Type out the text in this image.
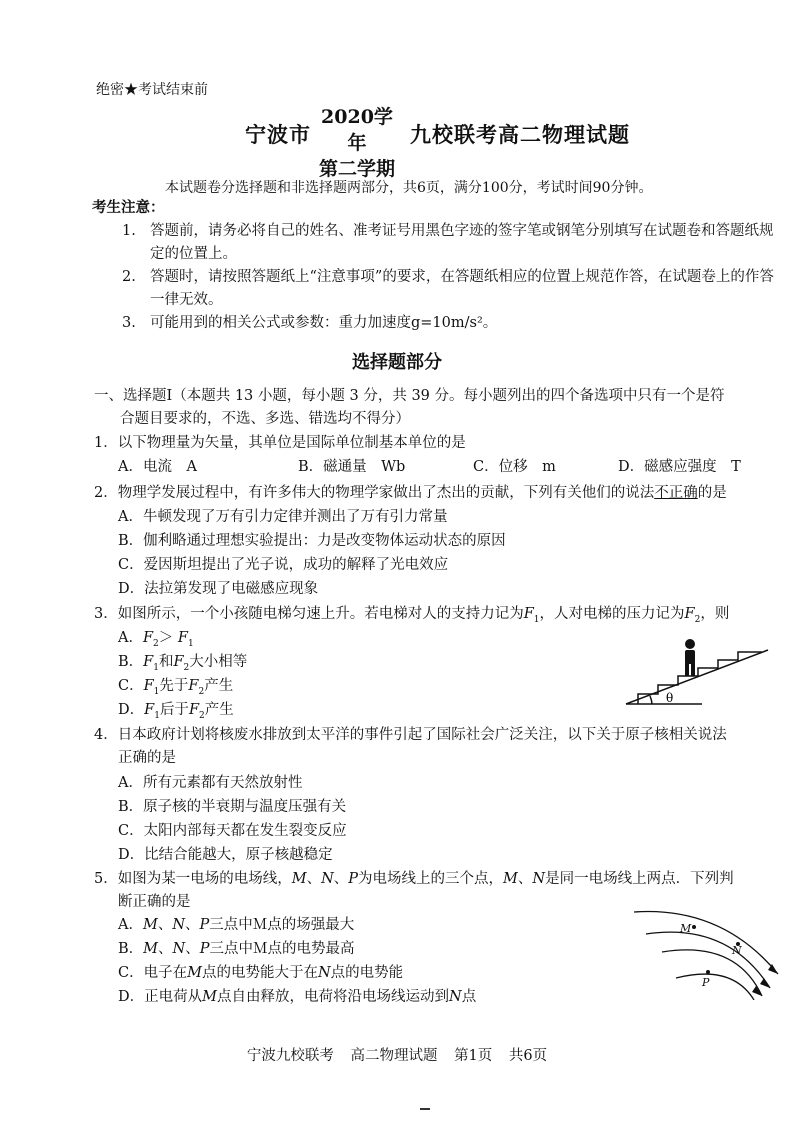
绝密★考试结束前
宁波市
2020学年
第二学期
九校联考高二物理试题
本试题卷分选择题和非选择题两部分，共6页，满分100分，考试时间90分钟。
考生注意：
1. 答题前，请务必将自己的姓名、准考证号用黑色字迹的签字笔或钢笔分别填写在试题卷和答题纸规定的位置上。
2. 答题时，请按照答题纸上“注意事项”的要求，在答题纸相应的位置上规范作答，在试题卷上的作答一律无效。
3. 可能用到的相关公式或参数：重力加速度g=10m/s²。
选择题部分
一、选择题Ⅰ（本题共 13 小题，每小题 3 分，共 39 分。每小题列出的四个备选项中只有一个是符
合题目要求的，不选、多选、错选均不得分）
1．以下物理量为矢量，其单位是国际单位制基本单位的是
A．电流　A	B．磁通量　Wb	C．位移　m	D．磁感应强度　T
2．物理学发展过程中，有许多伟大的物理学家做出了杰出的贡献，下列有关他们的说法不正确的是
A．牛顿发现了万有引力定律并测出了万有引力常量
B．伽利略通过理想实验提出：力是改变物体运动状态的原因
C．爱因斯坦提出了光子说，成功的解释了光电效应
D．法拉第发现了电磁感应现象
3．如图所示，一个小孩随电梯匀速上升。若电梯对人的支持力记为$F_1$，人对电梯的压力记为$F_2$，则
A．$F_2> F_1$
B．$F_1$和$F_2$大小相等
C．$F_1$先于$F_2$产生
D．$F_1$后于$F_2$产生
θ
4．日本政府计划将核废水排放到太平洋的事件引起了国际社会广泛关注，以下关于原子核相关说法
正确的是
A．所有元素都有天然放射性
B．原子核的半衰期与温度压强有关
C．太阳内部每天都在发生裂变反应
D．比结合能越大，原子核越稳定
5．如图为某一电场的电场线，M、N、P为电场线上的三个点，M、N是同一电场线上两点．下列判
断正确的是
A．M、N、P三点中Ｍ点的场强最大
B．M、N、P三点中Ｍ点的电势最高
C．电子在M点的电势能大于在N点的电势能
D．正电荷从M点自由释放，电荷将沿电场线运动到N点
M
N
P
宁波九校联考 高二物理试题 第1页 共6页
